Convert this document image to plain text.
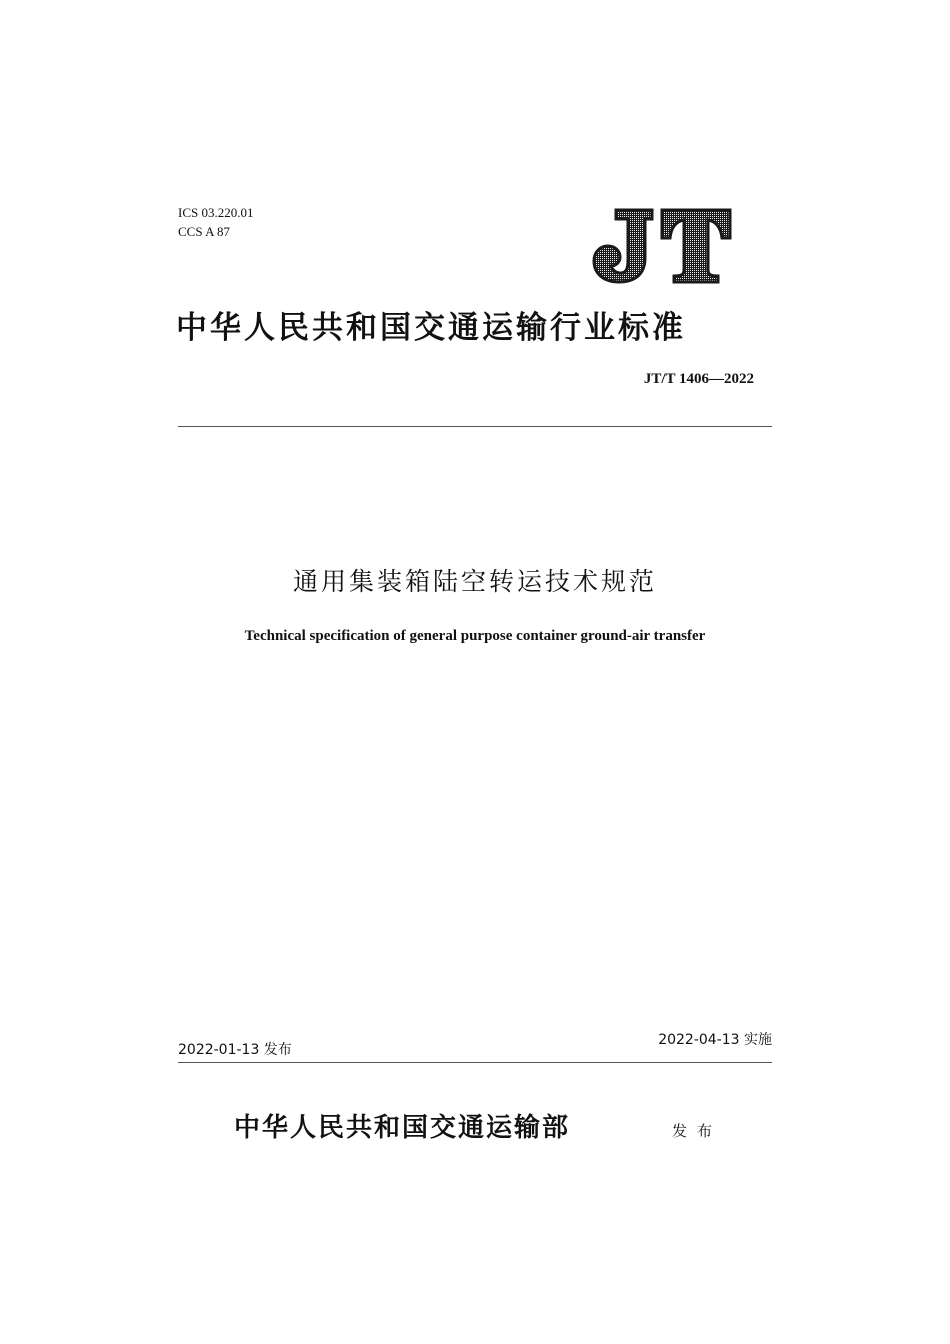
ICS 03.220.01
CCS A 87
中华人民共和国交通运输行业标准
JT/T 1406—2022
通用集装箱陆空转运技术规范
Technical specification of general purpose container ground-air transfer
2022-01-13 发布
2022-04-13 实施
中华人民共和国交通运输部	发布
